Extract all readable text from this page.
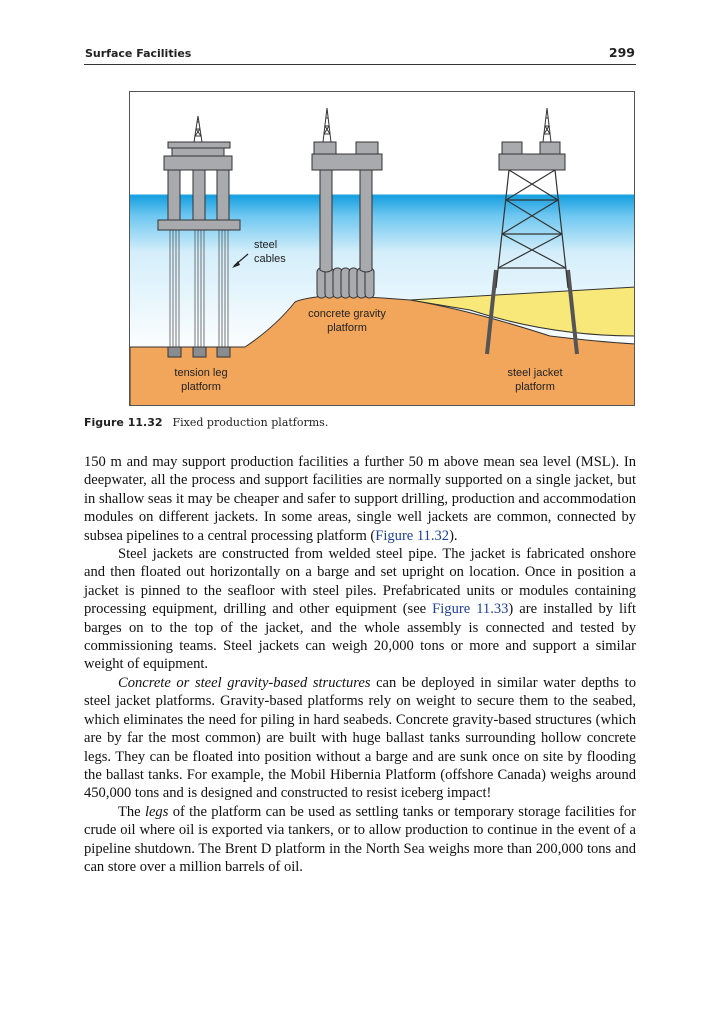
Surface Facilities	299
steel
cables
concrete gravity
platform
tension leg
platform
steel jacket
platform
Figure 11.32 Fixed production platforms.

150 m and may support production facilities a further 50 m above mean sea level (MSL). In deepwater, all the process and support facilities are normally supported on a single jacket, but in shallow seas it may be cheaper and safer to support drilling, production and accommodation modules on different jackets. In some areas, single well jackets are common, connected by subsea pipelines to a central processing platform (Figure 11.32).

Steel jackets are constructed from welded steel pipe. The jacket is fabricated onshore and then floated out horizontally on a barge and set upright on location. Once in position a jacket is pinned to the seafloor with steel piles. Prefabricated units or modules containing processing equipment, drilling and other equipment (see Figure 11.33) are installed by lift barges on to the top of the jacket, and the whole assembly is connected and tested by commissioning teams. Steel jackets can weigh 20,000 tons or more and support a similar weight of equipment.

Concrete or steel gravity-based structures can be deployed in similar water depths to steel jacket platforms. Gravity-based platforms rely on weight to secure them to the seabed, which eliminates the need for piling in hard seabeds. Concrete gravity-based structures (which are by far the most common) are built with huge ballast tanks surrounding hollow concrete legs. They can be floated into position without a barge and are sunk once on site by flooding the ballast tanks. For example, the Mobil Hibernia Platform (offshore Canada) weighs around 450,000 tons and is designed and constructed to resist iceberg impact!

The legs of the platform can be used as settling tanks or temporary storage facilities for crude oil where oil is exported via tankers, or to allow production to continue in the event of a pipeline shutdown. The Brent D platform in the North Sea weighs more than 200,000 tons and can store over a million barrels of oil.
